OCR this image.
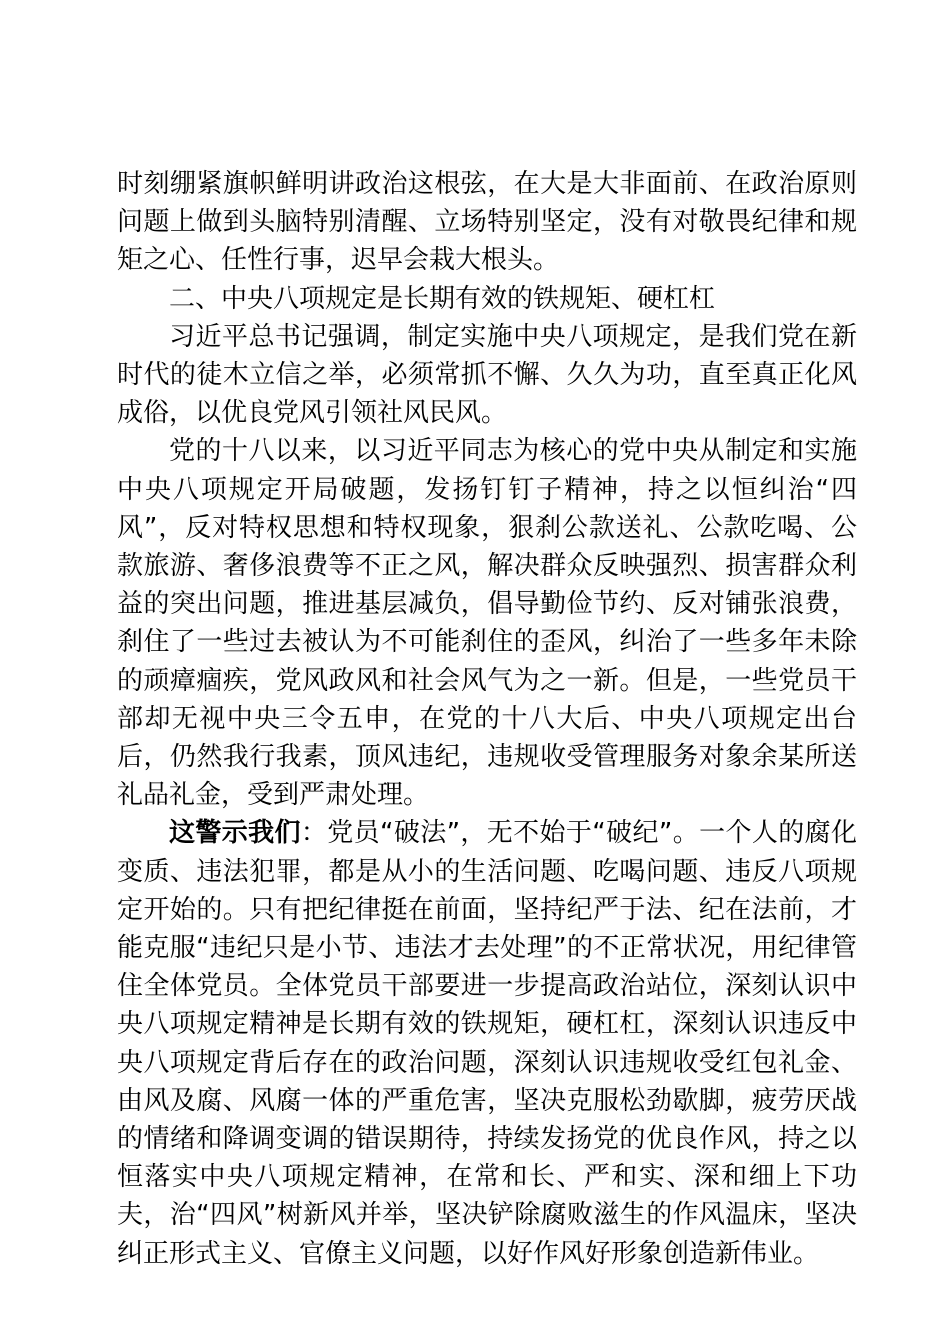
时刻绷紧旗帜鲜明讲政治这根弦，在大是大非面前、在政治原则问题上做到头脑特别清醒、立场特别坚定，没有对敬畏纪律和规矩之心、任性行事，迟早会栽大根头。

二、中央八项规定是长期有效的铁规矩、硬杠杠

习近平总书记强调，制定实施中央八项规定，是我们党在新时代的徒木立信之举，必须常抓不懈、久久为功，直至真正化风成俗，以优良党风引领社风民风。

党的十八以来，以习近平同志为核心的党中央从制定和实施中央八项规定开局破题，发扬钉钉子精神，持之以恒纠治“四风”，反对特权思想和特权现象，狠刹公款送礼、公款吃喝、公款旅游、奢侈浪费等不正之风，解决群众反映强烈、损害群众利益的突出问题，推进基层减负，倡导勤俭节约、反对铺张浪费，刹住了一些过去被认为不可能刹住的歪风，纠治了一些多年未除的顽瘴痼疾，党风政风和社会风气为之一新。但是，一些党员干部却无视中央三令五申，在党的十八大后、中央八项规定出台后，仍然我行我素，顶风违纪，违规收受管理服务对象余某所送礼品礼金，受到严肃处理。

这警示我们：党员“破法”，无不始于“破纪”。一个人的腐化变质、违法犯罪，都是从小的生活问题、吃喝问题、违反八项规定开始的。只有把纪律挺在前面，坚持纪严于法、纪在法前，才能克服“违纪只是小节、违法才去处理”的不正常状况，用纪律管住全体党员。全体党员干部要进一步提高政治站位，深刻认识中央八项规定精神是长期有效的铁规矩，硬杠杠，深刻认识违反中央八项规定背后存在的政治问题，深刻认识违规收受红包礼金、由风及腐、风腐一体的严重危害，坚决克服松劲歇脚，疲劳厌战的情绪和降调变调的错误期待，持续发扬党的优良作风，持之以恒落实中央八项规定精神，在常和长、严和实、深和细上下功夫，治“四风”树新风并举，坚决铲除腐败滋生的作风温床，坚决纠正形式主义、官僚主义问题，以好作风好形象创造新伟业。
